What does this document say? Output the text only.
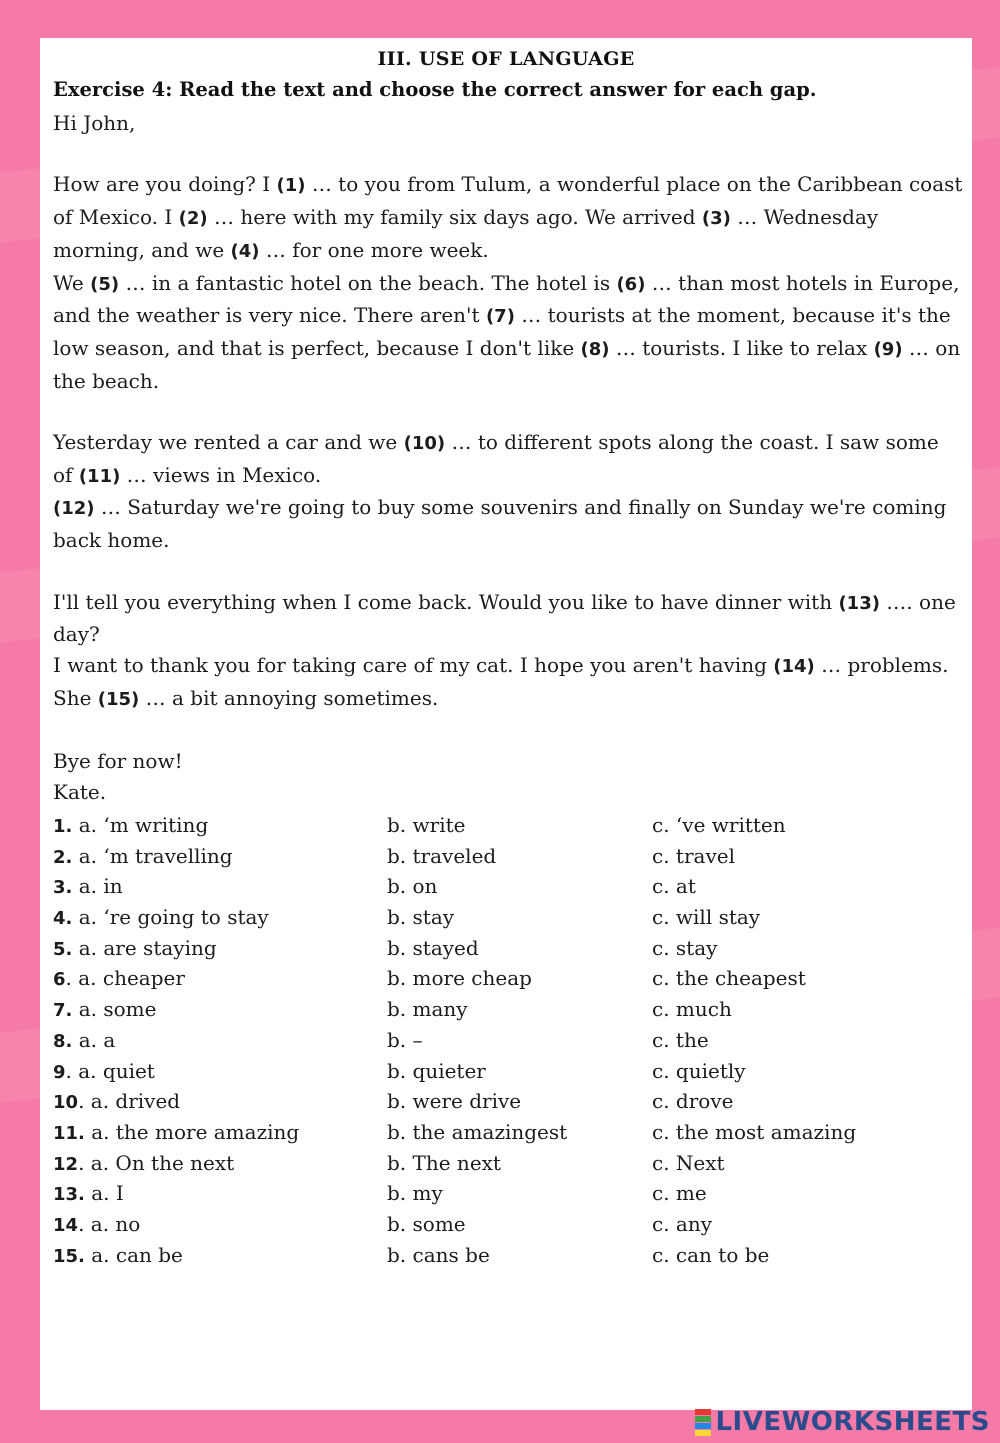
III. USE OF LANGUAGE
Exercise 4: Read the text and choose the correct answer for each gap.

Hi John,

How are you doing? I (1) … to you from Tulum, a wonderful place on the Caribbean coast of Mexico. I (2) … here with my family six days ago. We arrived (3) … Wednesday morning, and we (4) … for one more week.

We (5) … in a fantastic hotel on the beach. The hotel is (6) … than most hotels in Europe, and the weather is very nice. There aren't (7) … tourists at the moment, because it's the low season, and that is perfect, because I don't like (8) … tourists. I like to relax (9) … on the beach.

Yesterday we rented a car and we (10) … to different spots along the coast. I saw some of (11) … views in Mexico.

(12) … Saturday we're going to buy some souvenirs and finally on Sunday we're coming back home.

I'll tell you everything when I come back. Would you like to have dinner with (13) …. one day?

I want to thank you for taking care of my cat. I hope you aren't having (14) … problems. She (15) … a bit annoying sometimes.

Bye for now!

Kate.

1. a. ‘m writing	b. write	c. ‘ve written
2. a. ‘m travelling	b. traveled	c. travel
3. a. in	b. on	c. at
4. a. ‘re going to stay	b. stay	c. will stay
5. a. are staying	b. stayed	c. stay
6. a. cheaper	b. more cheap	c. the cheapest
7. a. some	b. many	c. much
8. a. a	b. –	c. the
9. a. quiet	b. quieter	c. quietly
10. a. drived	b. were drive	c. drove
11. a. the more amazing	b. the amazingest	c. the most amazing
12. a. On the next	b. The next	c. Next
13. a. I	b. my	c. me
14. a. no	b. some	c. any
15. a. can be	b. cans be	c. can to be
LIVEWORKSHEETS
